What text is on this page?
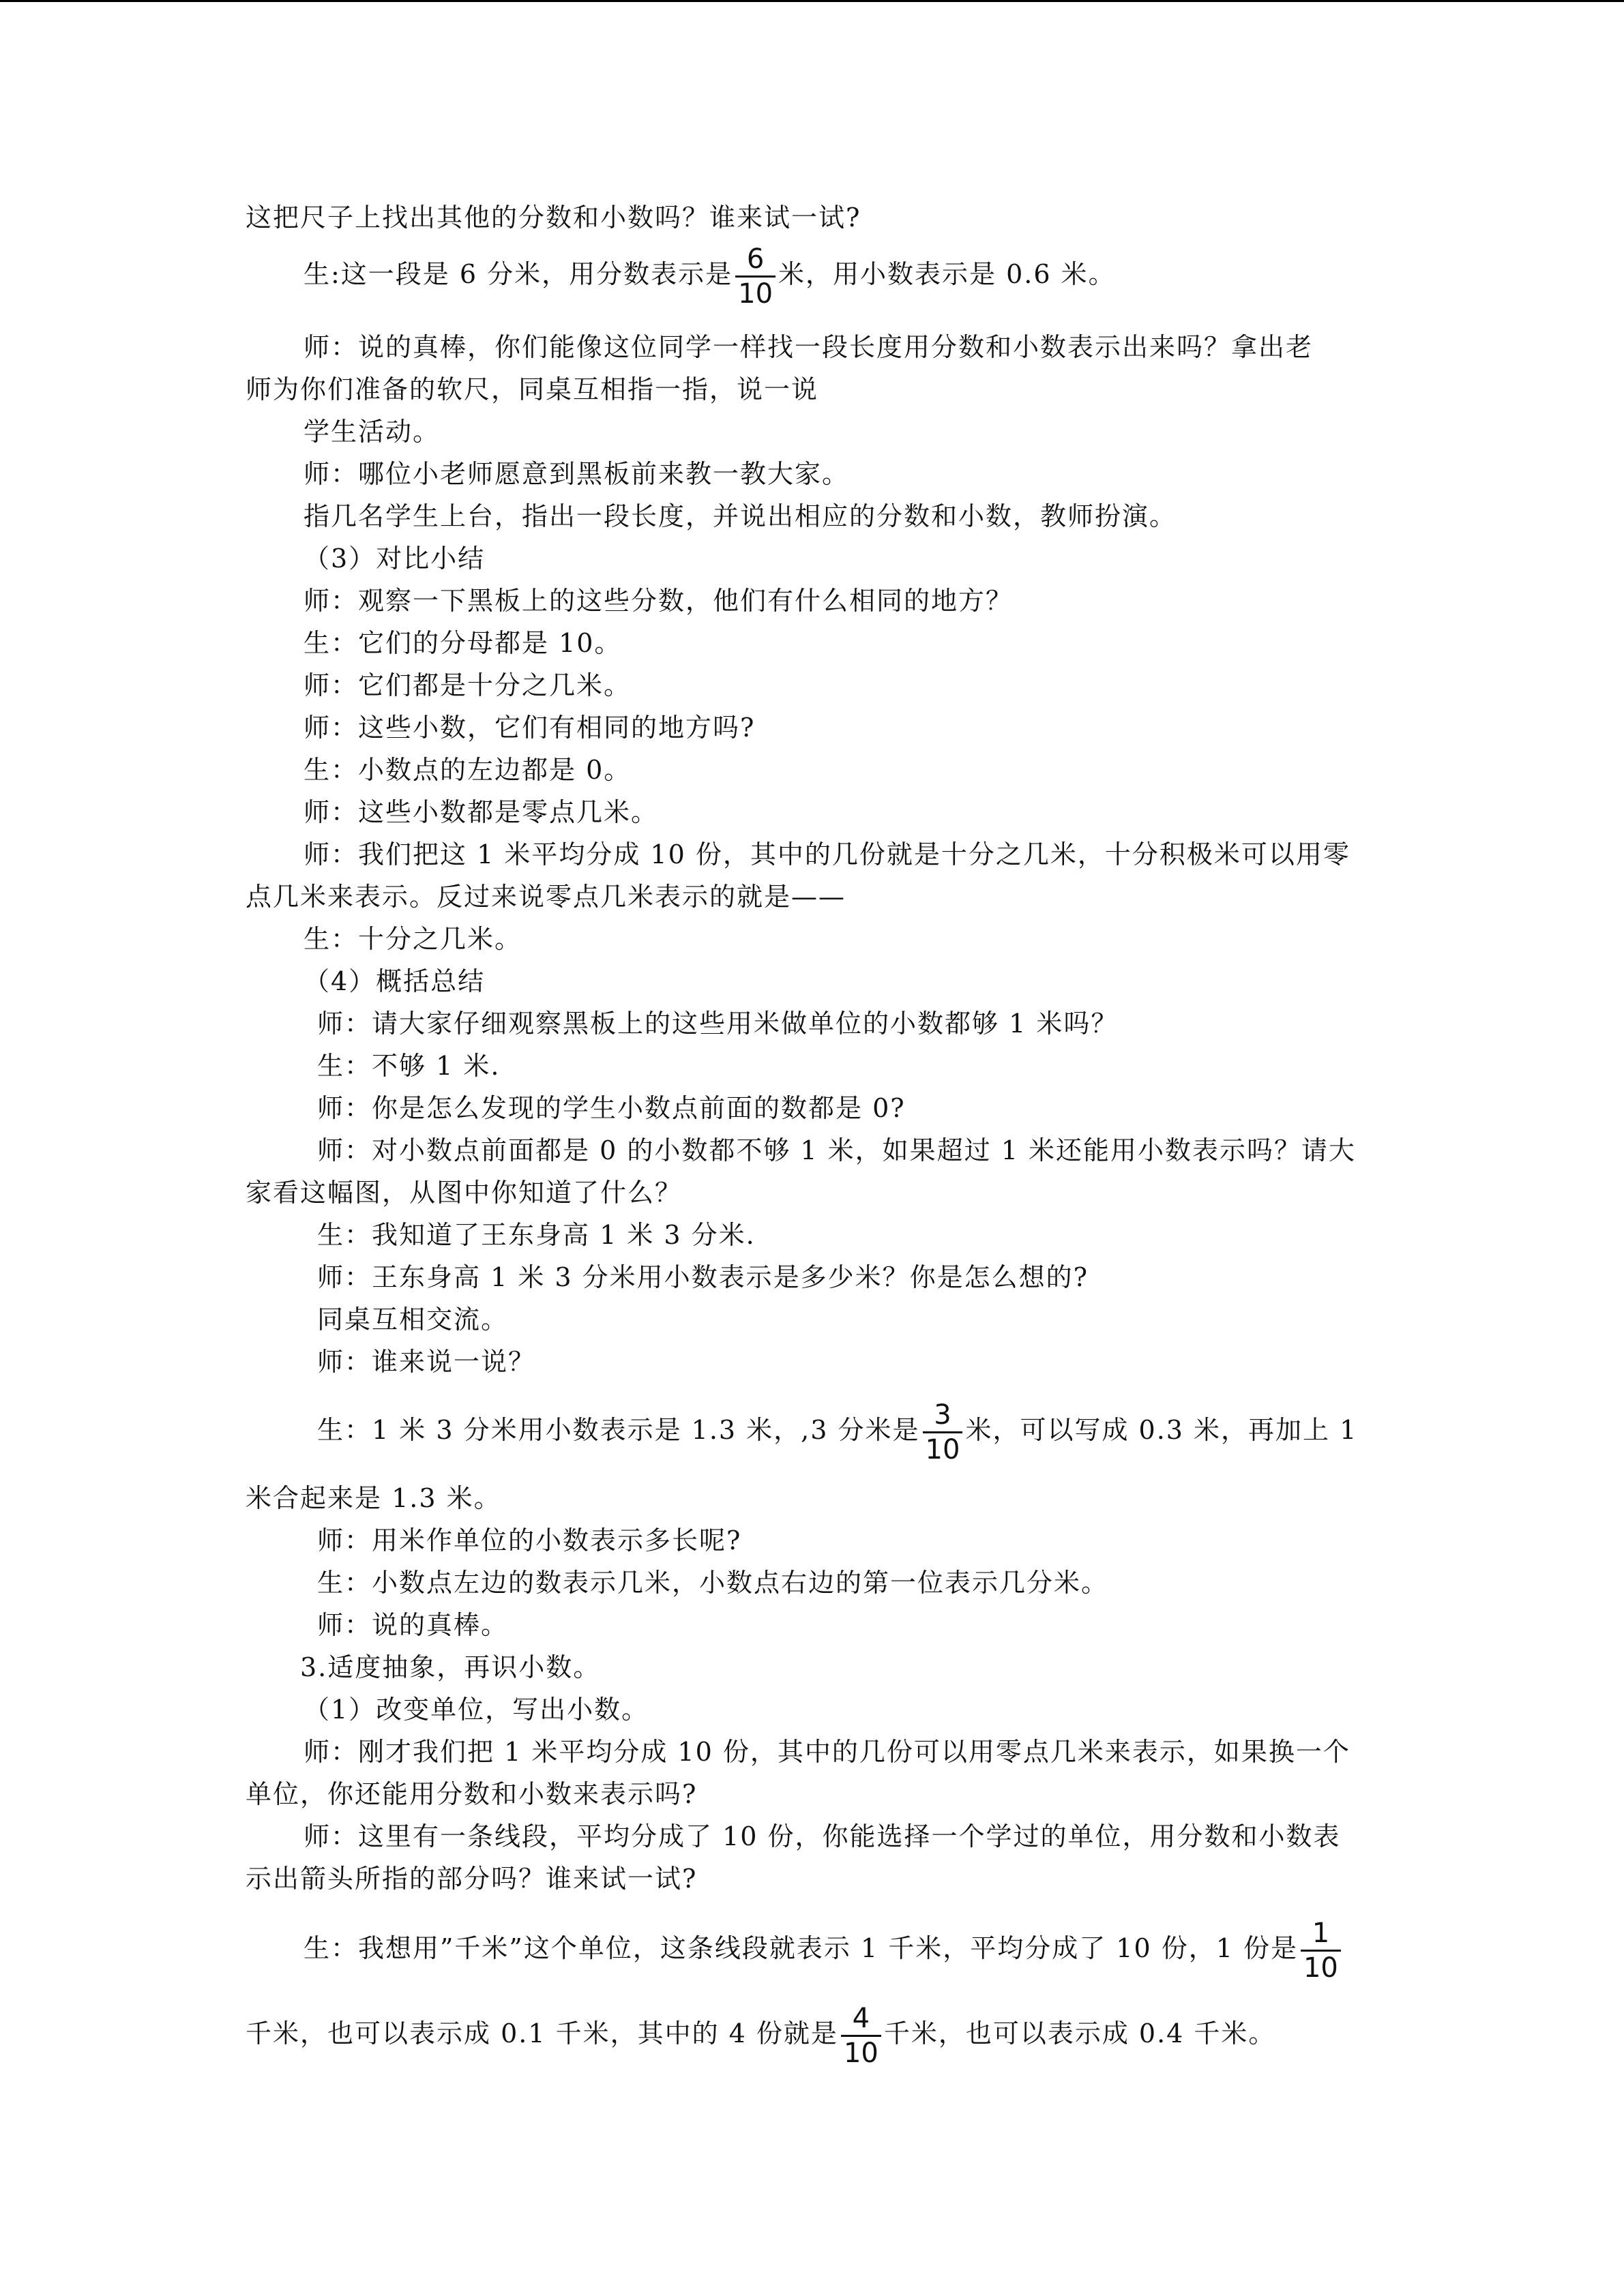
这把尺子上找出其他的分数和小数吗？谁来试一试?
生:这一段是 6 分米，用分数表示是 $\frac{6}{10}$ 米，用小数表示是 0.6 米。
师：说的真棒，你们能像这位同学一样找一段长度用分数和小数表示出来吗？拿出老
师为你们准备的软尺，同桌互相指一指，说一说
学生活动。
师：哪位小老师愿意到黑板前来教一教大家。
指几名学生上台，指出一段长度，并说出相应的分数和小数，教师扮演。
（3）对比小结
师：观察一下黑板上的这些分数，他们有什么相同的地方？
生：它们的分母都是 10。
师：它们都是十分之几米。
师：这些小数，它们有相同的地方吗?
生：小数点的左边都是 0。
师：这些小数都是零点几米。
师：我们把这 1 米平均分成 10 份，其中的几份就是十分之几米，十分积极米可以用零
点几米来表示。反过来说零点几米表示的就是——
生：十分之几米。
（4）概括总结
师：请大家仔细观察黑板上的这些用米做单位的小数都够 1 米吗？
生：不够 1 米.
师：你是怎么发现的学生小数点前面的数都是 0?
师：对小数点前面都是 0 的小数都不够 1 米，如果超过 1 米还能用小数表示吗？请大
家看这幅图，从图中你知道了什么？
生：我知道了王东身高 1 米 3 分米.
师：王东身高 1 米 3 分米用小数表示是多少米？你是怎么想的?
同桌互相交流。
师：谁来说一说？
生：1 米 3 分米用小数表示是 1.3 米，,3 分米是 $\frac{3}{10}$ 米，可以写成 0.3 米，再加上 1
米合起来是 1.3 米。
师：用米作单位的小数表示多长呢?
生：小数点左边的数表示几米，小数点右边的第一位表示几分米。
师：说的真棒。
3.适度抽象，再识小数。
（1）改变单位，写出小数。
师：刚才我们把 1 米平均分成 10 份，其中的几份可以用零点几米来表示，如果换一个
单位，你还能用分数和小数来表示吗?
师：这里有一条线段，平均分成了 10 份，你能选择一个学过的单位，用分数和小数表
示出箭头所指的部分吗？谁来试一试?
生：我想用”千米”这个单位，这条线段就表示 1 千米，平均分成了 10 份，1 份是 $\frac{1}{10}$
千米，也可以表示成 0.1 千米，其中的 4 份就是 $\frac{4}{10}$ 千米，也可以表示成 0.4 千米。
